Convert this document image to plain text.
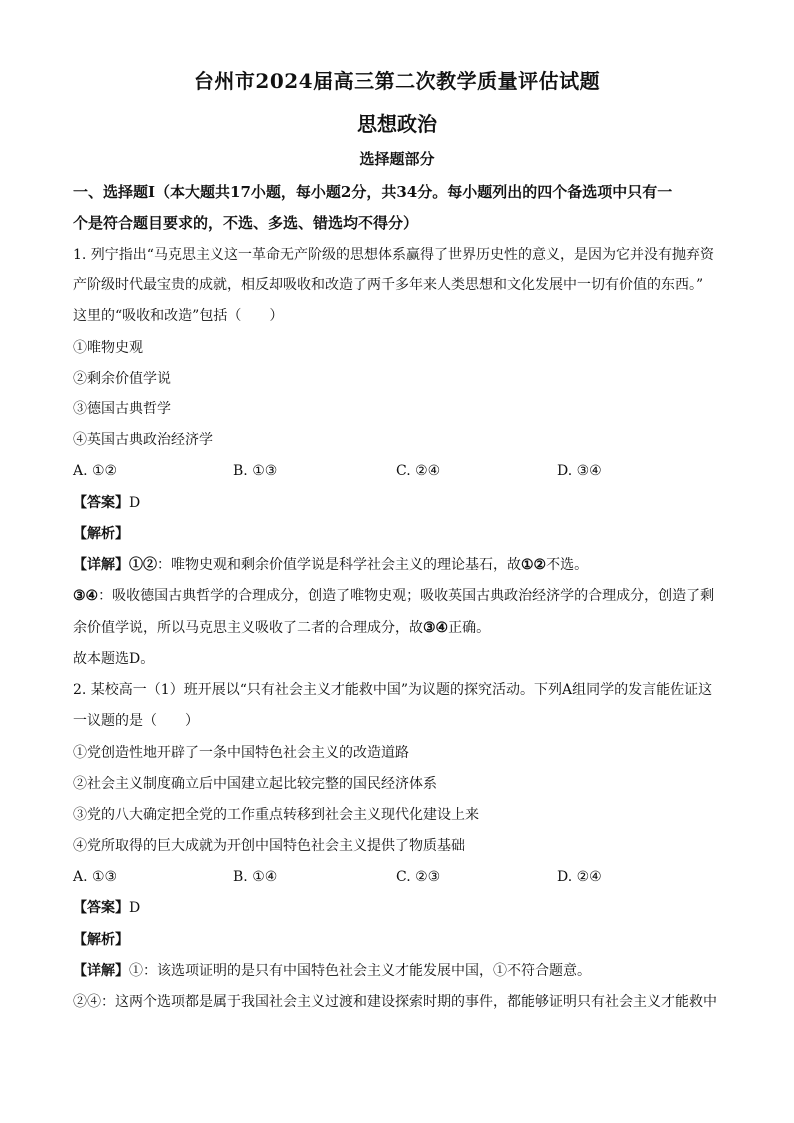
台州市2024届高三第二次教学质量评估试题
思想政治
选择题部分
一、选择题Ⅰ（本大题共17小题，每小题2分，共34分。每小题列出的四个备选项中只有一
个是符合题目要求的，不选、多选、错选均不得分）
1. 列宁指出“马克思主义这一革命无产阶级的思想体系赢得了世界历史性的意义，是因为它并没有抛弃资
产阶级时代最宝贵的成就，相反却吸收和改造了两千多年来人类思想和文化发展中一切有价值的东西。”
这里的“吸收和改造”包括（　　）
①唯物史观
②剩余价值学说
③德国古典哲学
④英国古典政治经济学
A. ①②	B. ①③	C. ②④	D. ③④
【答案】D
【解析】
【详解】①②：唯物史观和剩余价值学说是科学社会主义的理论基石，故①②不选。
③④：吸收德国古典哲学的合理成分，创造了唯物史观；吸收英国古典政治经济学的合理成分，创造了剩
余价值学说，所以马克思主义吸收了二者的合理成分，故③④正确。
故本题选D。
2. 某校高一（1）班开展以“只有社会主义才能救中国”为议题的探究活动。下列A组同学的发言能佐证这
一议题的是（　　）
①党创造性地开辟了一条中国特色社会主义的改造道路
②社会主义制度确立后中国建立起比较完整的国民经济体系
③党的八大确定把全党的工作重点转移到社会主义现代化建设上来
④党所取得的巨大成就为开创中国特色社会主义提供了物质基础
A. ①③	B. ①④	C. ②③	D. ②④
【答案】D
【解析】
【详解】①：该选项证明的是只有中国特色社会主义才能发展中国，①不符合题意。
②④：这两个选项都是属于我国社会主义过渡和建设探索时期的事件，都能够证明只有社会主义才能救中
